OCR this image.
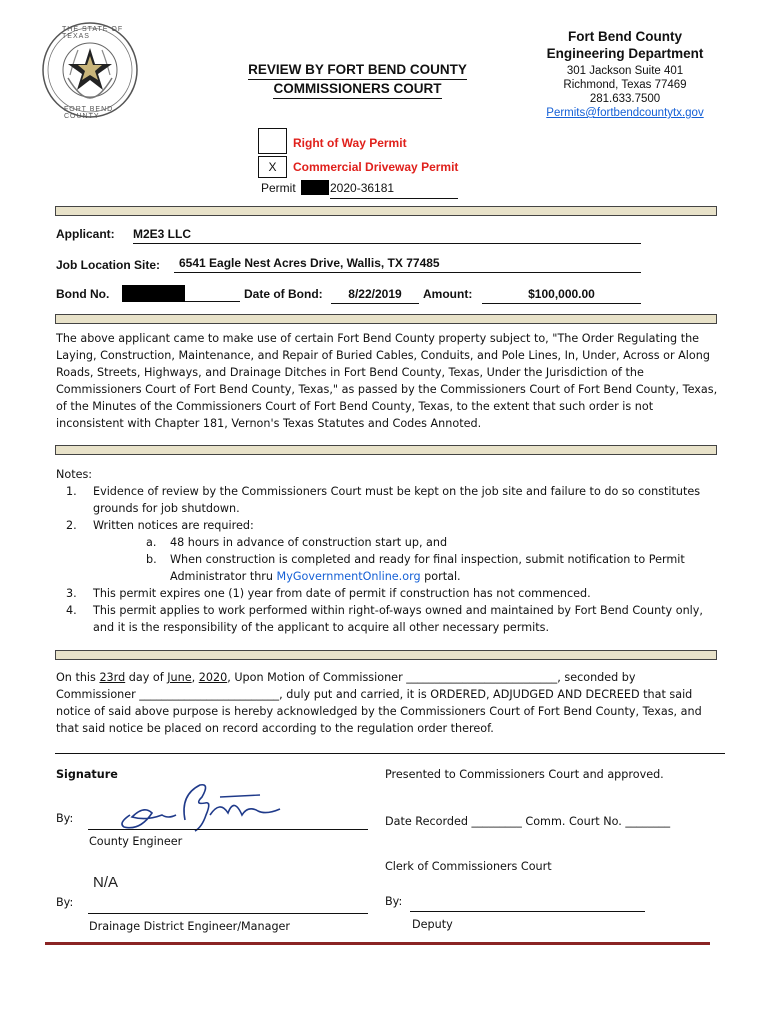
THE STATE OF TEXAS
FORT BEND COUNTY
REVIEW BY FORT BEND COUNTY
COMMISSIONERS COURT
Fort Bend County
Engineering Department
301 Jackson Suite 401
Richmond, Texas 77469
281.633.7500
Permits@fortbendcountytx.gov
Right of Way Permit
X	Commercial Driveway Permit
Permit	2020-36181
Applicant: M2E3 LLC
Job Location Site:	6541 Eagle Nest Acres Drive, Wallis, TX 77485
Bond No.	Date of Bond:	8/22/2019	Amount:	$100,000.00
The above applicant came to make use of certain Fort Bend County property subject to, "The Order Regulating the
Laying, Construction, Maintenance, and Repair of Buried Cables, Conduits, and Pole Lines, In, Under, Across or Along
Roads, Streets, Highways, and Drainage Ditches in Fort Bend County, Texas, Under the Jurisdiction of the
Commissioners Court of Fort Bend County, Texas," as passed by the Commissioners Court of Fort Bend County, Texas,
of the Minutes of the Commissioners Court of Fort Bend County, Texas, to the extent that such order is not
inconsistent with Chapter 181, Vernon's Texas Statutes and Codes Annoted.
Notes:
1. Evidence of review by the Commissioners Court must be kept on the job site and failure to do so constitutes
grounds for job shutdown.
2. Written notices are required:
a. 48 hours in advance of construction start up, and
b. When construction is completed and ready for final inspection, submit notification to Permit
Administrator thru MyGovernmentOnline.org portal.
3. This permit expires one (1) year from date of permit if construction has not commenced.
4. This permit applies to work performed within right-of-ways owned and maintained by Fort Bend County only,
and it is the responsibility of the applicant to acquire all other necessary permits.
On this 23rd day of June, 2020, Upon Motion of Commissioner ___________________________, seconded by
Commissioner _________________________, duly put and carried, it is ORDERED, ADJUDGED AND DECREED that said
notice of said above purpose is hereby acknowledged by the Commissioners Court of Fort Bend County, Texas, and
that said notice be placed on record according to the regulation order thereof.
Signature
By:
County Engineer
N/A
By:
Drainage District Engineer/Manager
Presented to Commissioners Court and approved.
Date Recorded _________ Comm. Court No. ________
Clerk of Commissioners Court
By:
Deputy
